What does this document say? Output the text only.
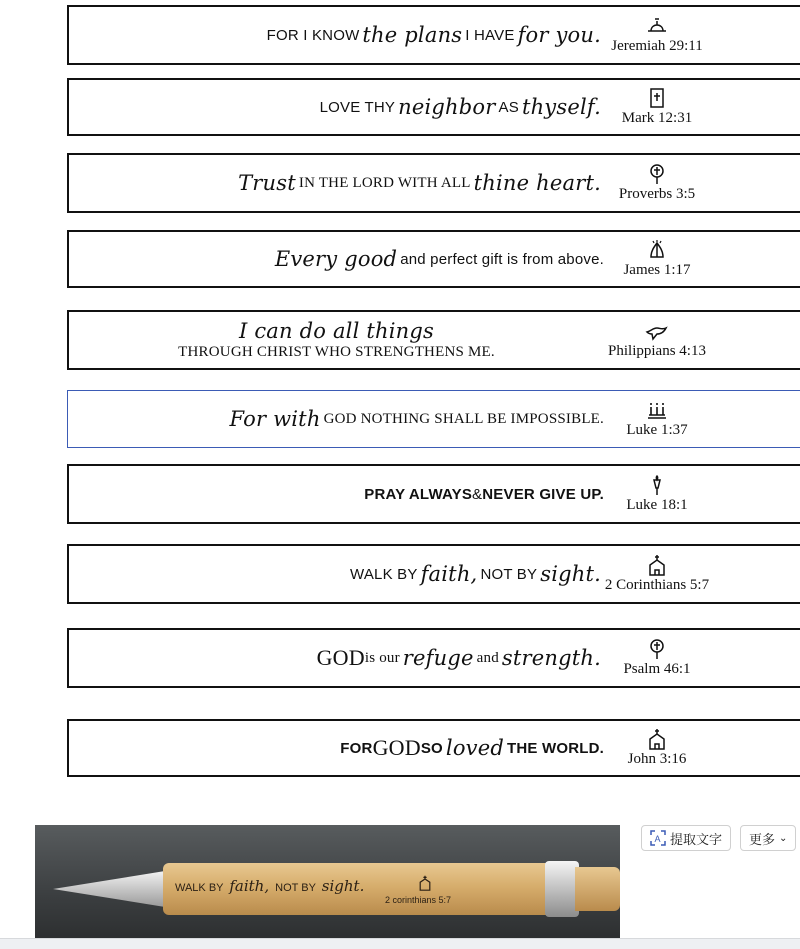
FOR I KNOW the plans I HAVE for you. Jeremiah 29:11
LOVE THY neighbor AS thyself. Mark 12:31
Trust IN THE LORD WITH ALL thine heart. Proverbs 3:5
Every good and perfect gift is from above.
James 1:17
I can do all things
THROUGH CHRIST WHO STRENGTHENS ME.	Philippians 4:13
For with GOD NOTHING SHALL BE IMPOSSIBLE.
Luke 1:37
PRAY ALWAYS & NEVER GIVE UP.
Luke 18:1
WALK BY faith, NOT BY sight. 2 Corinthians 5:7
GOD is our refuge and strength. Psalm 46:1
FOR GOD SO loved THE WORLD.
John 3:16
WALK BY faith, NOT BY sight.
2 corinthians 5:7
A 提取文字 更多 ⌄
